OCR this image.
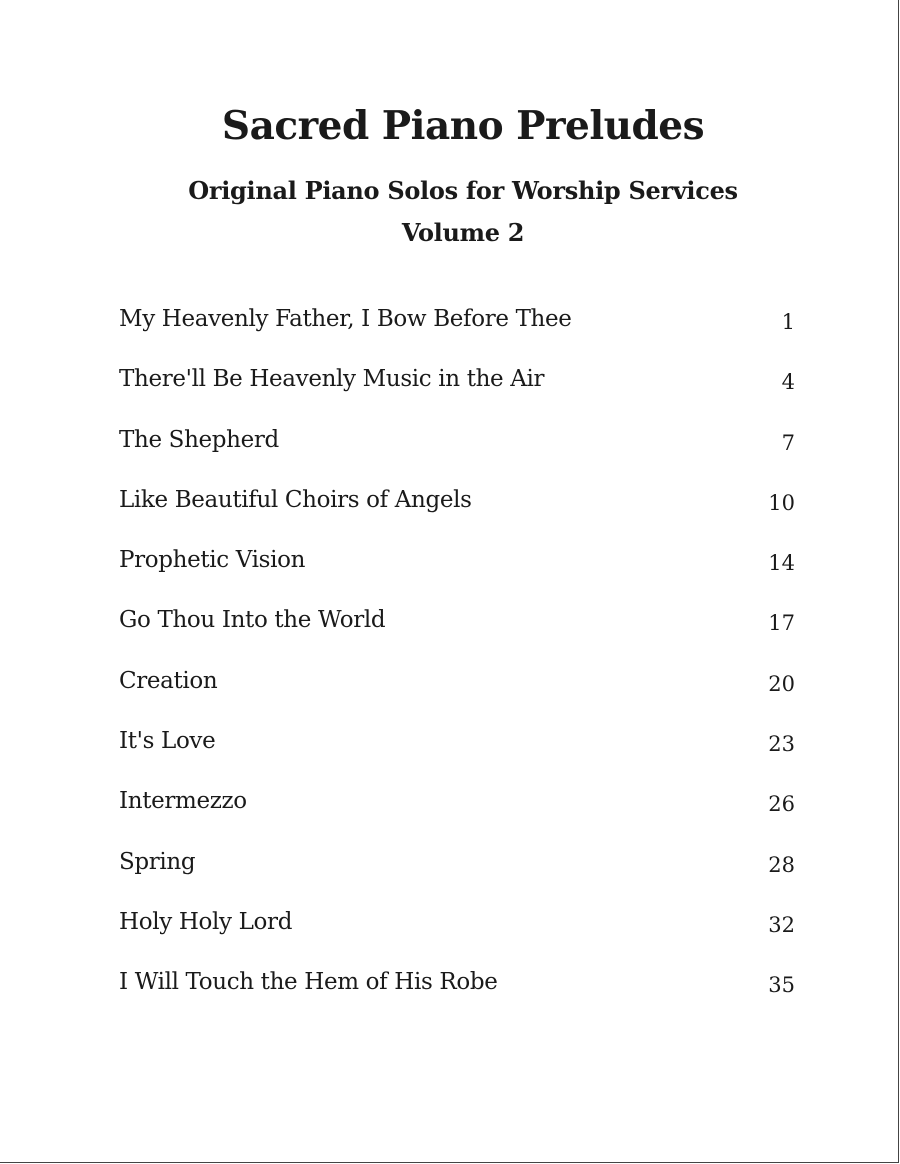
Sacred Piano Preludes
Original Piano Solos for Worship Services
Volume 2
My Heavenly Father, I Bow Before Thee	1
There'll Be Heavenly Music in the Air	4
The Shepherd	7
Like Beautiful Choirs of Angels	10
Prophetic Vision	14
Go Thou Into the World	17
Creation	20
It's Love	23
Intermezzo	26
Spring	28
Holy Holy Lord	32
I Will Touch the Hem of His Robe	35
